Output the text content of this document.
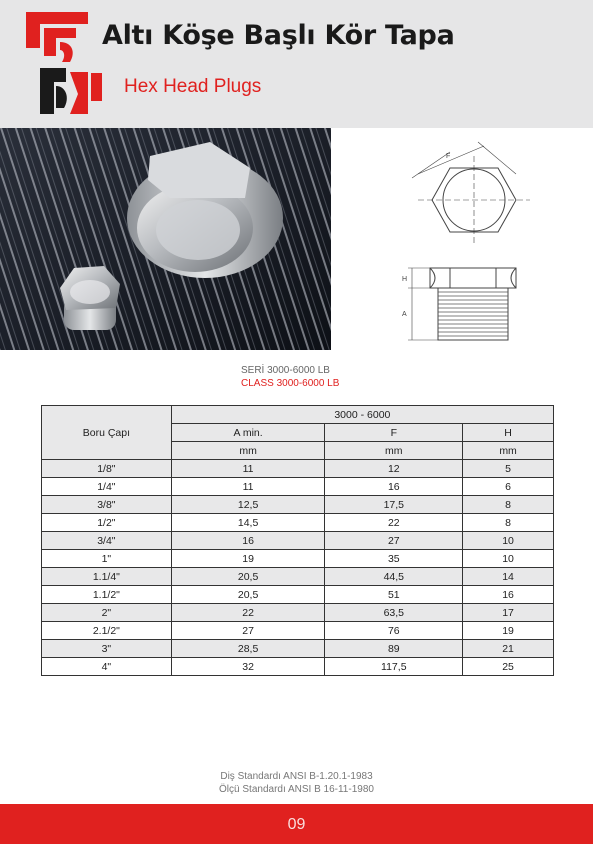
Altı Köşe Başlı Kör Tapa
Hex Head Plugs
F
H
A
SERİ 3000-6000 LB
CLASS 3000-6000 LB
Boru Çapı	3000 - 6000		
	A min.	F	H
	mm	mm	mm
1/8"	11	12	5
1/4"	11	16	6
3/8"	12,5	17,5	8
1/2"	14,5	22	8
3/4"	16	27	10
1"	19	35	10
1.1/4"	20,5	44,5	14
1.1/2"	20,5	51	16
2"	22	63,5	17
2.1/2"	27	76	19
3"	28,5	89	21
4"	32	117,5	25
Diş Standardı ANSI B-1.20.1-1983
Ölçü Standardı ANSI B 16-11-1980
09
